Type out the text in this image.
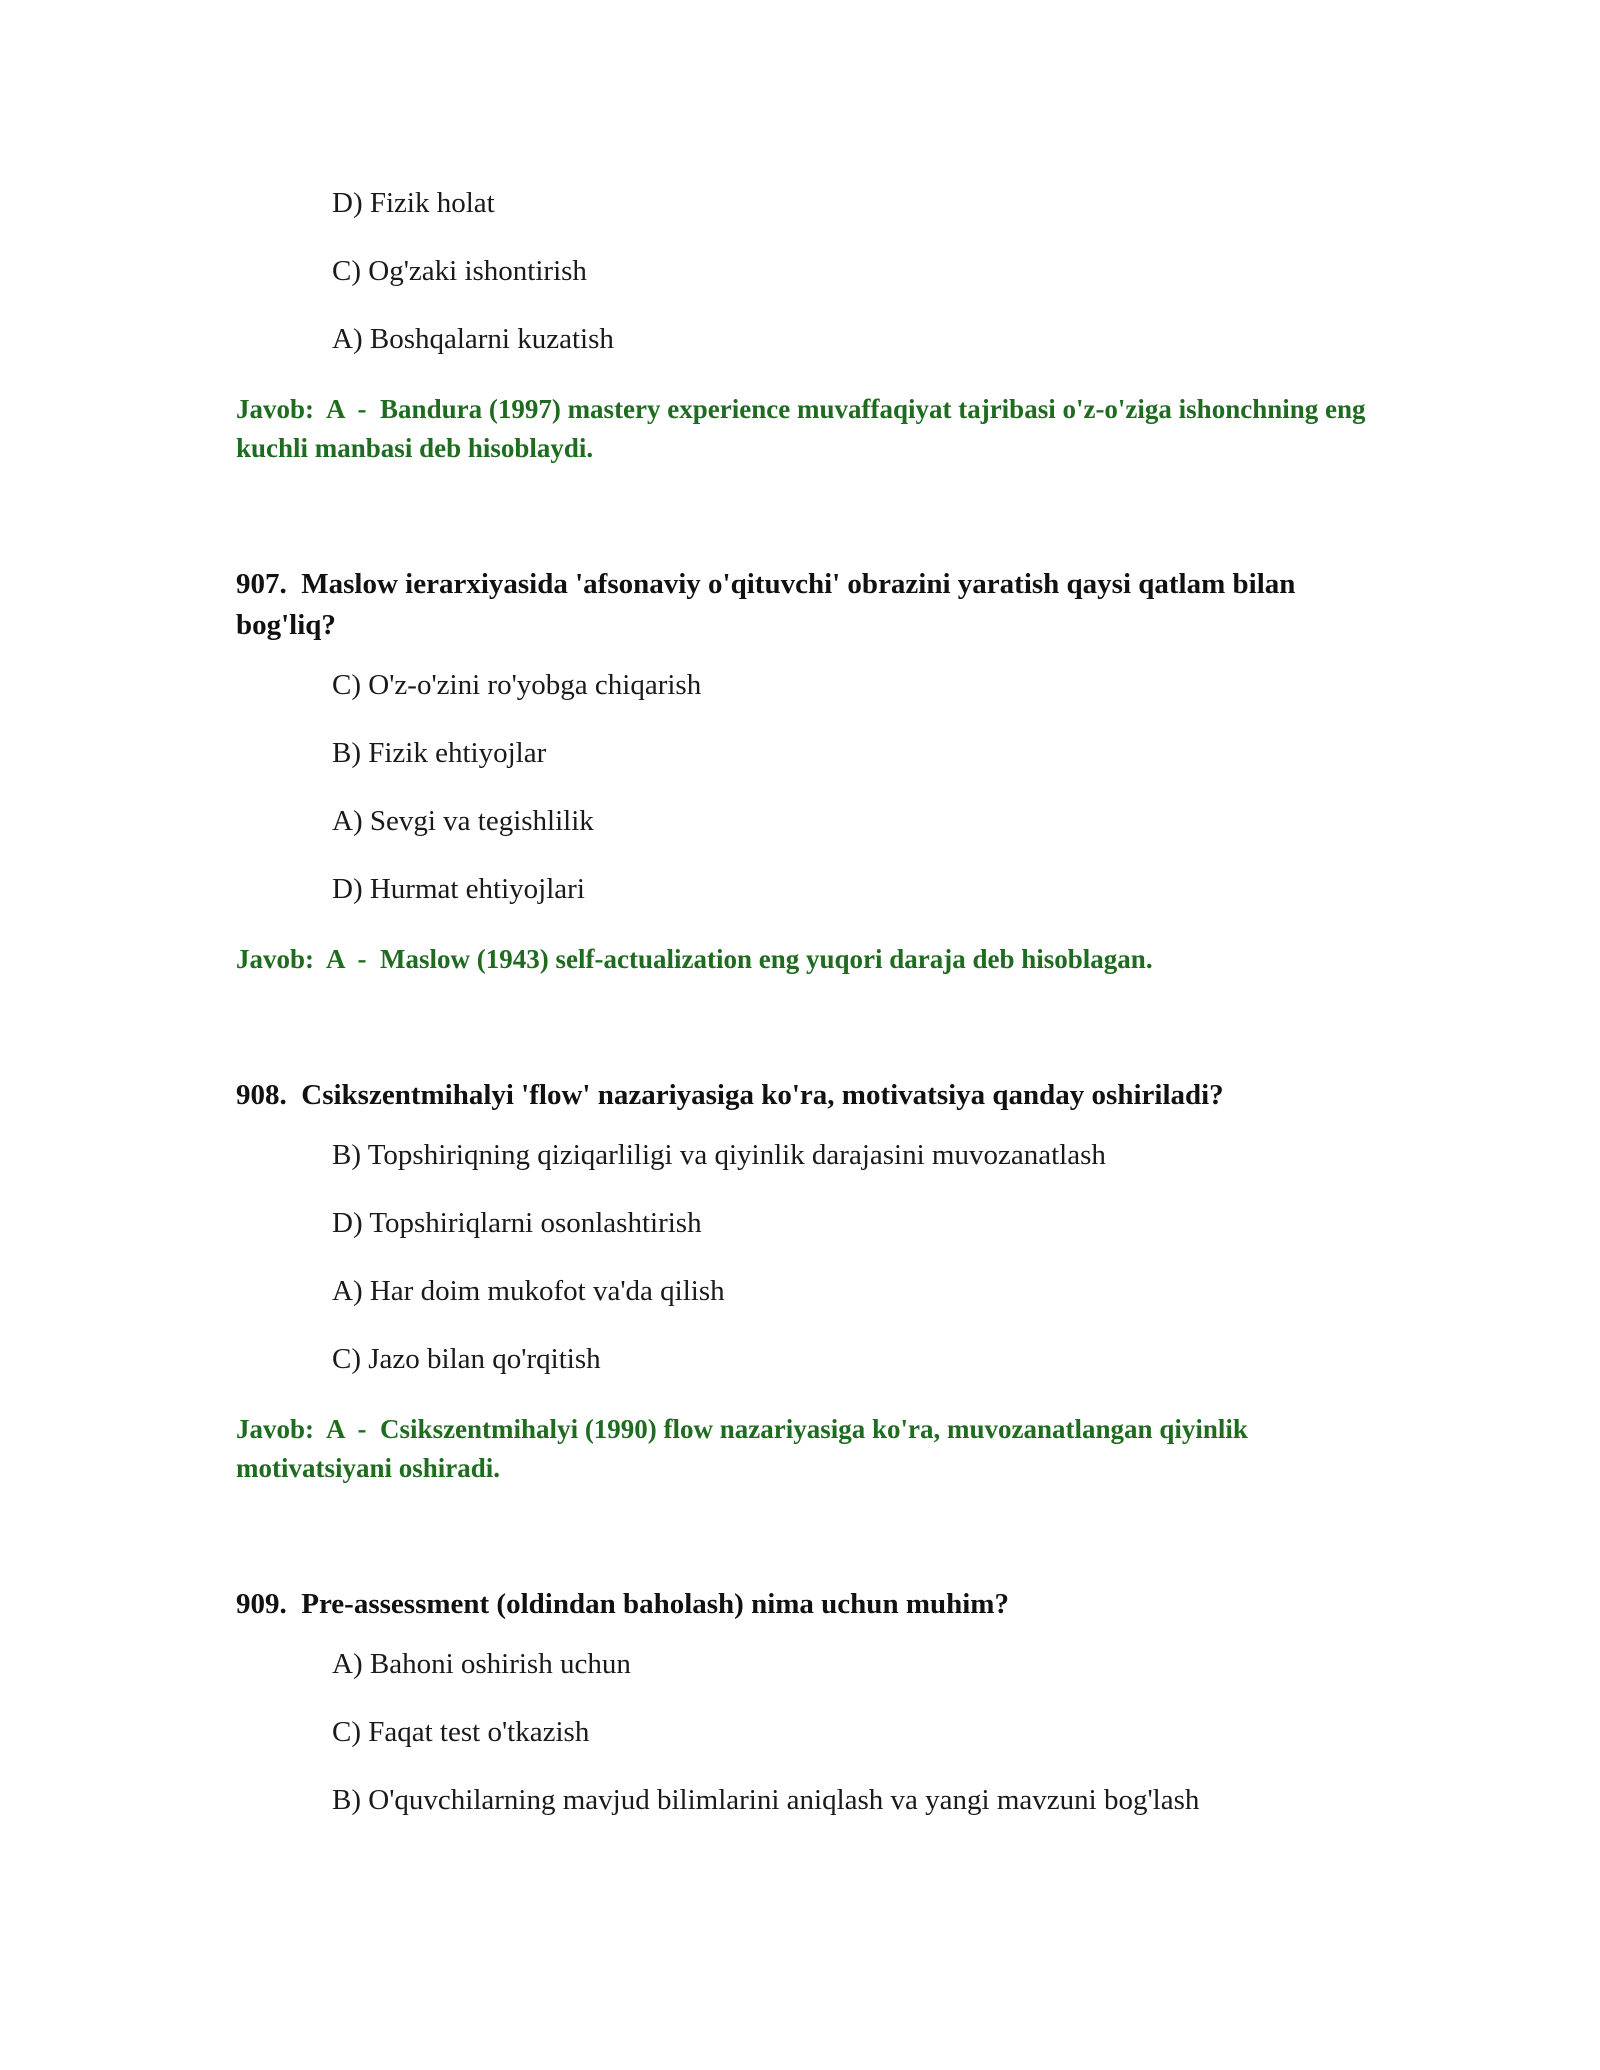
D) Fizik holat
C) Og'zaki ishontirish
A) Boshqalarni kuzatish
Javob: A  -  Bandura (1997) mastery experience muvaffaqiyat tajribasi o'z-o'ziga ishonchning eng kuchli manbasi deb hisoblaydi.
907. Maslow ierarxiyasida 'afsonaviy o'qituvchi' obrazini yaratish qaysi qatlam bilan bog'liq?
C) O'z-o'zini ro'yobga chiqarish
B) Fizik ehtiyojlar
A) Sevgi va tegishlilik
D) Hurmat ehtiyojlari
Javob: A  -  Maslow (1943) self-actualization eng yuqori daraja deb hisoblagan.
908. Csikszentmihalyi 'flow' nazariyasiga ko'ra, motivatsiya qanday oshiriladi?
B) Topshiriqning qiziqarliligi va qiyinlik darajasini muvozanatlash
D) Topshiriqlarni osonlashtirish
A) Har doim mukofot va'da qilish
C) Jazo bilan qo'rqitish
Javob: A  -  Csikszentmihalyi (1990) flow nazariyasiga ko'ra, muvozanatlangan qiyinlik motivatsiyani oshiradi.
909. Pre-assessment (oldindan baholash) nima uchun muhim?
A) Bahoni oshirish uchun
C) Faqat test o'tkazish
B) O'quvchilarning mavjud bilimlarini aniqlash va yangi mavzuni bog'lash
